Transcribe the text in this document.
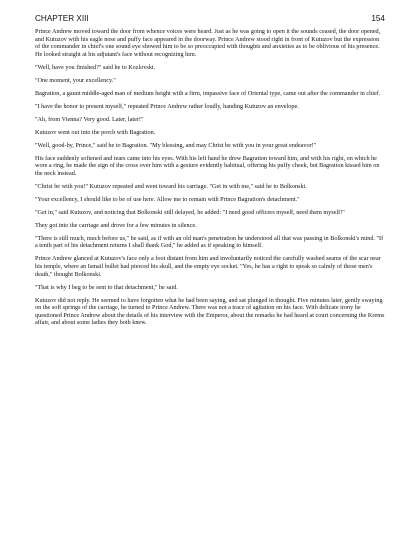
CHAPTER XIII	154

Prince Andrew moved toward the door from whence voices were heard. Just as he was going to open it the sounds ceased, the door opened, and Kutuzov with his eagle nose and puffy face appeared in the doorway. Prince Andrew stood right in front of Kutuzov but the expression of the commander in chief's one sound eye showed him to be so preoccupied with thoughts and anxieties as to be oblivious of his presence. He looked straight at his adjutant's face without recognizing him.

"Well, have you finished?" said he to Kozlovski.

"One moment, your excellency."

Bagration, a gaunt middle-aged man of medium height with a firm, impassive face of Oriental type, came out after the commander in chief.

"I have the honor to present myself," repeated Prince Andrew rather loudly, handing Kutuzov an envelope.

"Ah, from Vienna? Very good. Later, later!"

Kutuzov went out into the porch with Bagration.

"Well, good-by, Prince," said he to Bagration. "My blessing, and may Christ be with you in your great endeavor!"

His face suddenly softened and tears came into his eyes. With his left hand he drew Bagration toward him, and with his right, on which he wore a ring, he made the sign of the cross over him with a gesture evidently habitual, offering his puffy cheek, but Bagration kissed him on the neck instead.

"Christ be with you!" Kutuzov repeated and went toward his carriage. "Get in with me," said he to Bolkonski.

"Your excellency, I should like to be of use here. Allow me to remain with Prince Bagration's detachment."

"Get in," said Kutuzov, and noticing that Bolkonski still delayed, he added: "I need good officers myself, need them myself!"

They got into the carriage and drove for a few minutes in silence.

"There is still much, much before us," he said, as if with an old man's penetration he understood all that was passing in Bolkonski's mind. "If a tenth part of his detachment returns I shall thank God," he added as if speaking to himself.

Prince Andrew glanced at Kutuzov's face only a foot distant from him and involuntarily noticed the carefully washed seams of the scar near his temple, where an Ismail bullet had pierced his skull, and the empty eye socket. "Yes, he has a right to speak so calmly of those men's death," thought Bolkonski.

"That is why I beg to be sent to that detachment," he said.

Kutuzov did not reply. He seemed to have forgotten what he had been saying, and sat plunged in thought. Five minutes later, gently swaying on the soft springs of the carriage, he turned to Prince Andrew. There was not a trace of agitation on his face. With delicate irony he questioned Prince Andrew about the details of his interview with the Emperor, about the remarks he had heard at court concerning the Krems affair, and about some ladies they both knew.
